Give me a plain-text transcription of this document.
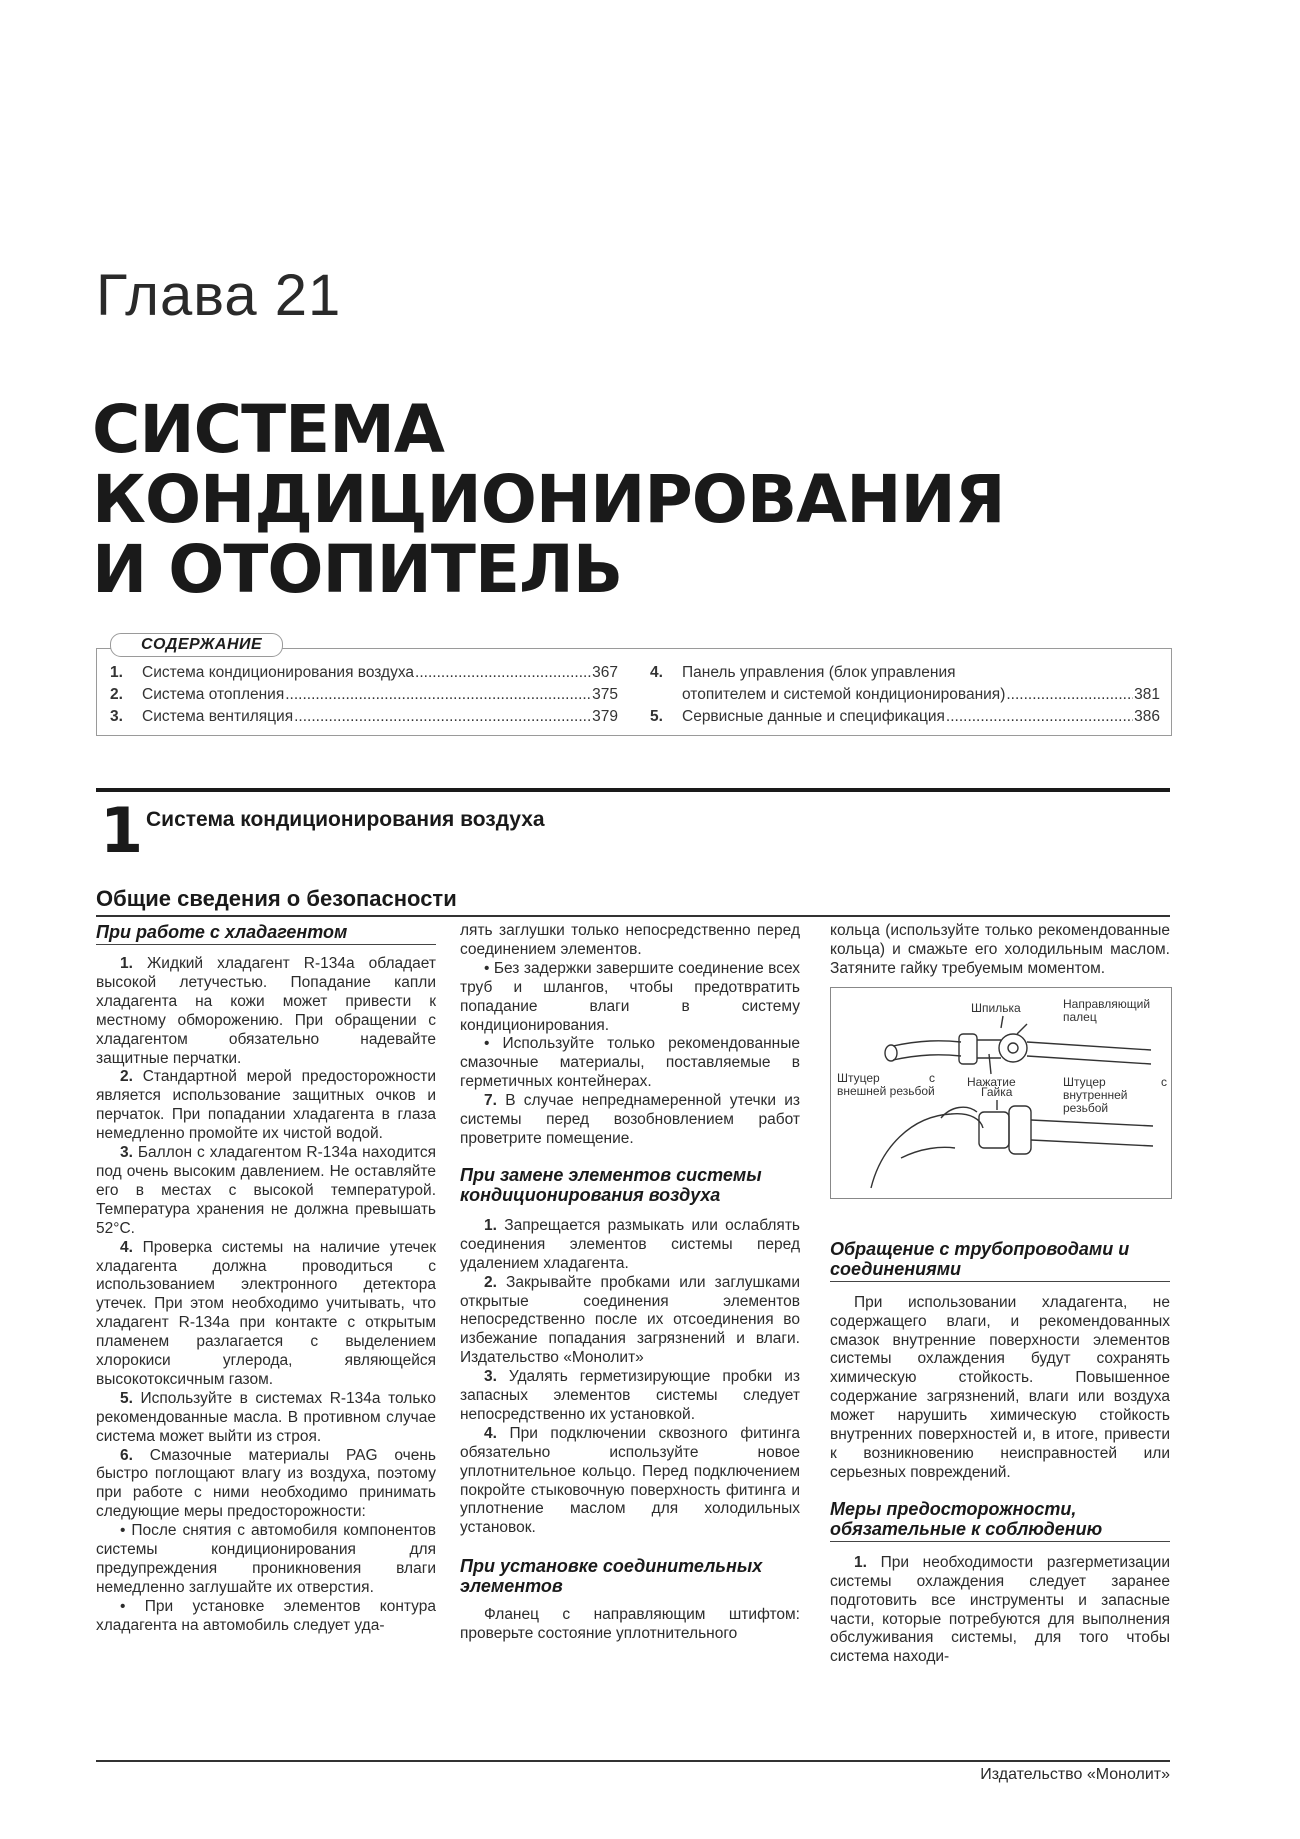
Глава 21
СИСТЕМА
КОНДИЦИОНИРОВАНИЯ
И ОТОПИТЕЛЬ
СОДЕРЖАНИЕ
1.	Система кондиционирования воздуха .....	367
2.	Система отопления .....	375
3.	Система вентиляция .....	379
4.	Панель управления (блок управления
отопителем и системой кондиционирования) .....	381
5.	Сервисные данные и спецификация .....	386
1 Система кондиционирования воздуха
Общие сведения о безопасности
При работе с хладагентом

1. Жидкий хладагент R-134a обладает высокой летучестью. Попадание капли хладагента на кожи может привести к местному обморожению. При обращении с хладагентом обязательно надевайте защитные перчатки.

2. Стандартной мерой предосторожности является использование защитных очков и перчаток. При попадании хладагента в глаза немедленно промойте их чистой водой.

3. Баллон с хладагентом R-134a находится под очень высоким давлением. Не оставляйте его в местах с высокой температурой. Температура хранения не должна превышать 52°С.

4. Проверка системы на наличие утечек хладагента должна проводиться с использованием электронного детектора утечек. При этом необходимо учитывать, что хладагент R-134a при контакте с открытым пламенем разлагается с выделением хлорокиси углерода, являющейся высокотоксичным газом.

5. Используйте в системах R-134a только рекомендованные масла. В противном случае система может выйти из строя.

6. Смазочные материалы PAG очень быстро поглощают влагу из воздуха, поэтому при работе с ними необходимо принимать следующие меры предосторожности:

• После снятия с автомобиля компонентов системы кондиционирования для предупреждения проникновения влаги немедленно заглушайте их отверстия.

• При установке элементов контура хладагента на автомобиль следует уда-

лять заглушки только непосредственно перед соединением элементов.

• Без задержки завершите соединение всех труб и шлангов, чтобы предотвратить попадание влаги в систему кондиционирования.

• Используйте только рекомендованные смазочные материалы, поставляемые в герметичных контейнерах.

7. В случае непреднамеренной утечки из системы перед возобновлением работ проветрите помещение.

При замене элементов системы кондиционирования воздуха

1. Запрещается размыкать или ослаблять соединения элементов системы перед удалением хладагента.

2. Закрывайте пробками или заглушками открытые соединения элементов непосредственно после их отсоединения во избежание попадания загрязнений и влаги. Издательство «Монолит»

3. Удалять герметизирующие пробки из запасных элементов системы следует непосредственно их установкой.

4. При подключении сквозного фитинга обязательно используйте новое уплотнительное кольцо. Перед подключением покройте стыковочную поверхность фитинга и уплотнение маслом для холодильных установок.

При установке соединительных элементов

Фланец с направляющим штифтом: проверьте состояние уплотнительного

кольца (используйте только рекомендованные кольца) и смажьте его холодильным маслом. Затяните гайку требуемым моментом.

Шпилька	Направляющий палец
Штуцер с внешней резьбой
Нажатие	Штуцер с внутренней резьбой
Гайка
Обращение с трубопроводами и соединениями

При использовании хладагента, не содержащего влаги, и рекомендованных смазок внутренние поверхности элементов системы охлаждения будут сохранять химическую стойкость. Повышенное содержание загрязнений, влаги или воздуха может нарушить химическую стойкость внутренних поверхностей и, в итоге, привести к возникновению неисправностей или серьезных повреждений.

Меры предосторожности, обязательные к соблюдению

1. При необходимости разгерметизации системы охлаждения следует заранее подготовить все инструменты и запасные части, которые потребуются для выполнения обслуживания системы, для того чтобы система находи-

Издательство «Монолит»
